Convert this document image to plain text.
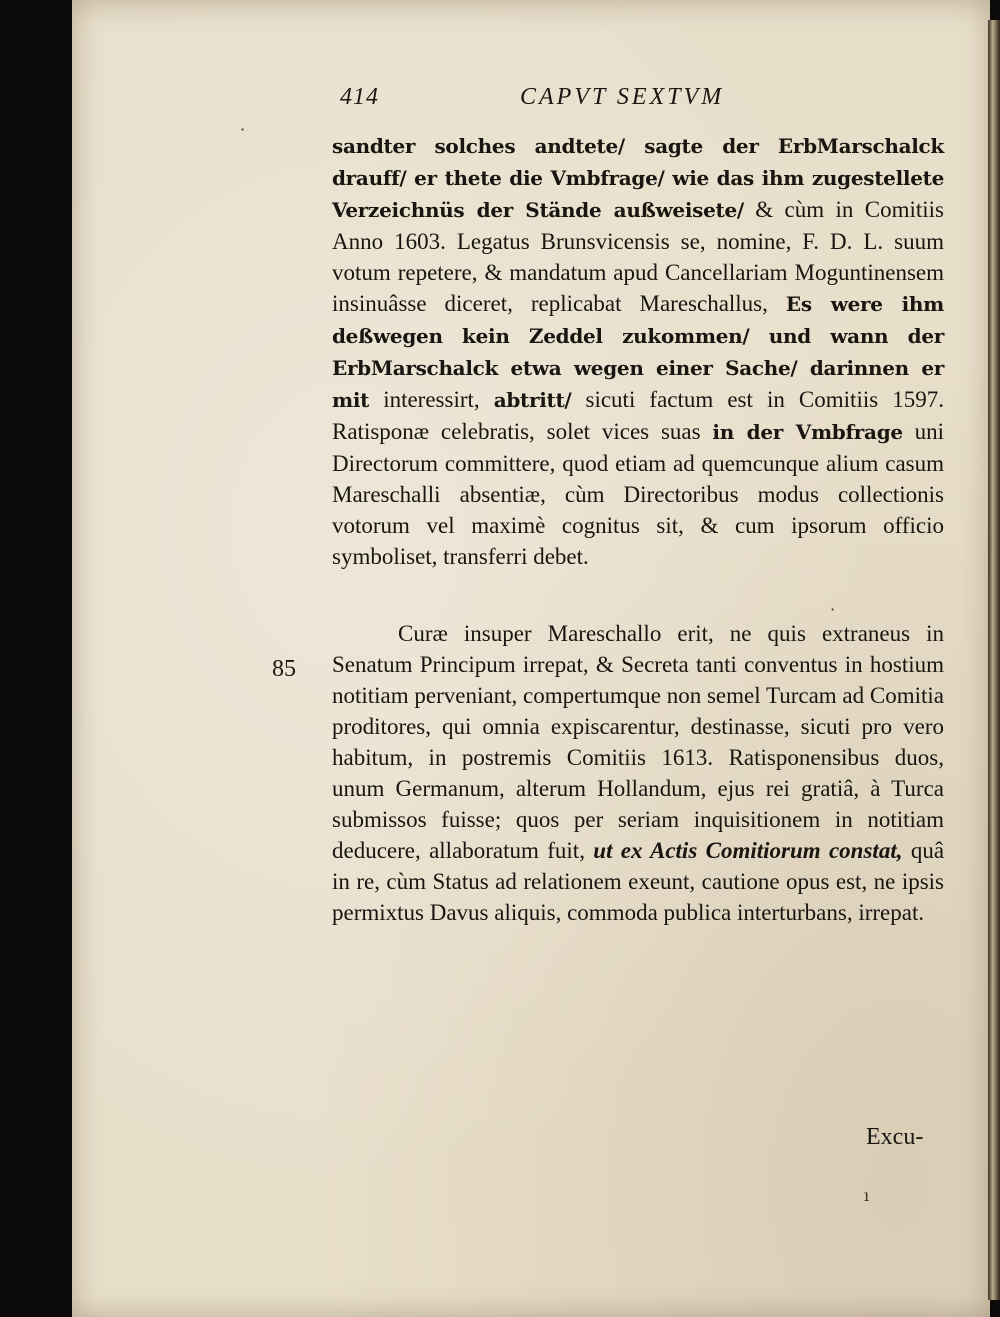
414	CAPVT SEXTVM

sandter solches andtete/ sagte der ErbMarschalck drauff/ er thete die Vmbfrage/ wie das ihm zugestellete Verzeichnüs der Stände außweisete/ & cùm in Comitiis Anno 1603. Legatus Brunsvicensis se, nomine, F. D. L. suum votum repetere, & mandatum apud Cancellariam Moguntinensem insinuâsse diceret, replicabat Mareschallus, Es were ihm deßwegen kein Zeddel zukommen/ und wann der ErbMarschalck etwa wegen einer Sache/ darinnen er mit interessirt, abtritt/ sicuti factum est in Comitiis 1597. Ratisponæ celebratis, solet vices suas in der Vmbfrage uni Directorum committere, quod etiam ad quemcunque alium casum Mareschalli absentiæ, cùm Directoribus modus collectionis votorum vel maximè cognitus sit, & cum ipsorum officio symboliset, transferri debet.

Curæ insuper Mareschallo erit, ne quis extraneus in Senatum Principum irrepat, & Secreta tanti conventus in hostium notitiam perveniant, compertumque non semel Turcam ad Comitia proditores, qui omnia expiscarentur, destinasse, sicuti pro vero habitum, in postremis Comitiis 1613. Ratisponensibus duos, unum Germanum, alterum Hollandum, ejus rei gratiâ, à Turca submissos fuisse; quos per seriam inquisitionem in notitiam deducere, allaboratum fuit, ut ex Actis Comitiorum constat, quâ in re, cùm Status ad relationem exeunt, cautione opus est, ne ipsis permixtus Davus aliquis, commoda publica interturbans, irrepat.

85
Excu-
ı
·
·
